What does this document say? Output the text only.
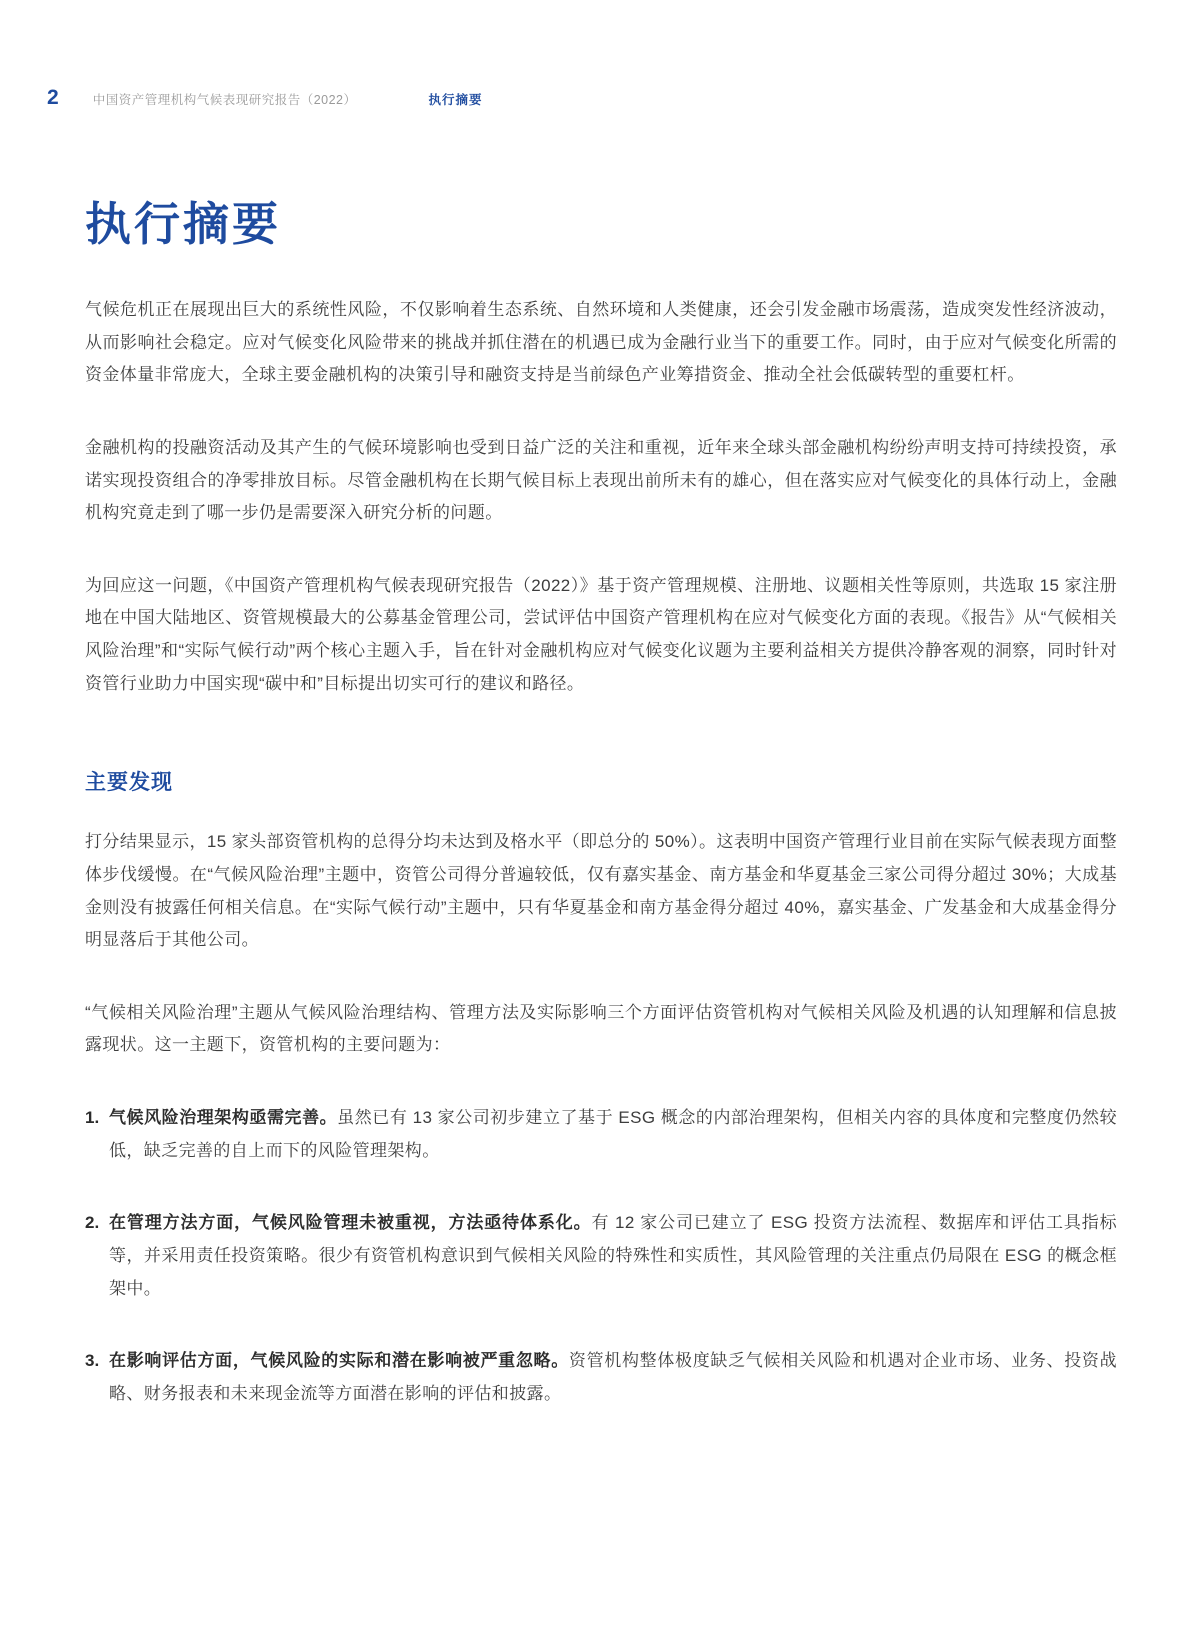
2	中国资产管理机构气候表现研究报告（2022）	执行摘要
执行摘要

气候危机正在展现出巨大的系统性风险，不仅影响着生态系统、自然环境和人类健康，还会引发金融市场震荡，造成突发性经济波动，从而影响社会稳定。应对气候变化风险带来的挑战并抓住潜在的机遇已成为金融行业当下的重要工作。同时，由于应对气候变化所需的资金体量非常庞大，全球主要金融机构的决策引导和融资支持是当前绿色产业筹措资金、推动全社会低碳转型的重要杠杆。

金融机构的投融资活动及其产生的气候环境影响也受到日益广泛的关注和重视，近年来全球头部金融机构纷纷声明支持可持续投资，承诺实现投资组合的净零排放目标。尽管金融机构在长期气候目标上表现出前所未有的雄心，但在落实应对气候变化的具体行动上，金融机构究竟走到了哪一步仍是需要深入研究分析的问题。

为回应这一问题，《中国资产管理机构气候表现研究报告（2022）》基于资产管理规模、注册地、议题相关性等原则，共选取 15 家注册地在中国大陆地区、资管规模最大的公募基金管理公司，尝试评估中国资产管理机构在应对气候变化方面的表现。《报告》从“气候相关风险治理”和“实际气候行动”两个核心主题入手，旨在针对金融机构应对气候变化议题为主要利益相关方提供冷静客观的洞察，同时针对资管行业助力中国实现“碳中和”目标提出切实可行的建议和路径。

主要发现

打分结果显示，15 家头部资管机构的总得分均未达到及格水平（即总分的 50%）。这表明中国资产管理行业目前在实际气候表现方面整体步伐缓慢。在“气候风险治理”主题中，资管公司得分普遍较低，仅有嘉实基金、南方基金和华夏基金三家公司得分超过 30%；大成基金则没有披露任何相关信息。在“实际气候行动”主题中，只有华夏基金和南方基金得分超过 40%，嘉实基金、广发基金和大成基金得分明显落后于其他公司。

“气候相关风险治理”主题从气候风险治理结构、管理方法及实际影响三个方面评估资管机构对气候相关风险及机遇的认知理解和信息披露现状。这一主题下，资管机构的主要问题为：

1. 气候风险治理架构亟需完善。虽然已有 13 家公司初步建立了基于 ESG 概念的内部治理架构，但相关内容的具体度和完整度仍然较低，缺乏完善的自上而下的风险管理架构。

2. 在管理方法方面，气候风险管理未被重视，方法亟待体系化。有 12 家公司已建立了 ESG 投资方法流程、数据库和评估工具指标等，并采用责任投资策略。很少有资管机构意识到气候相关风险的特殊性和实质性，其风险管理的关注重点仍局限在 ESG 的概念框架中。

3. 在影响评估方面，气候风险的实际和潜在影响被严重忽略。资管机构整体极度缺乏气候相关风险和机遇对企业市场、业务、投资战略、财务报表和未来现金流等方面潜在影响的评估和披露。
